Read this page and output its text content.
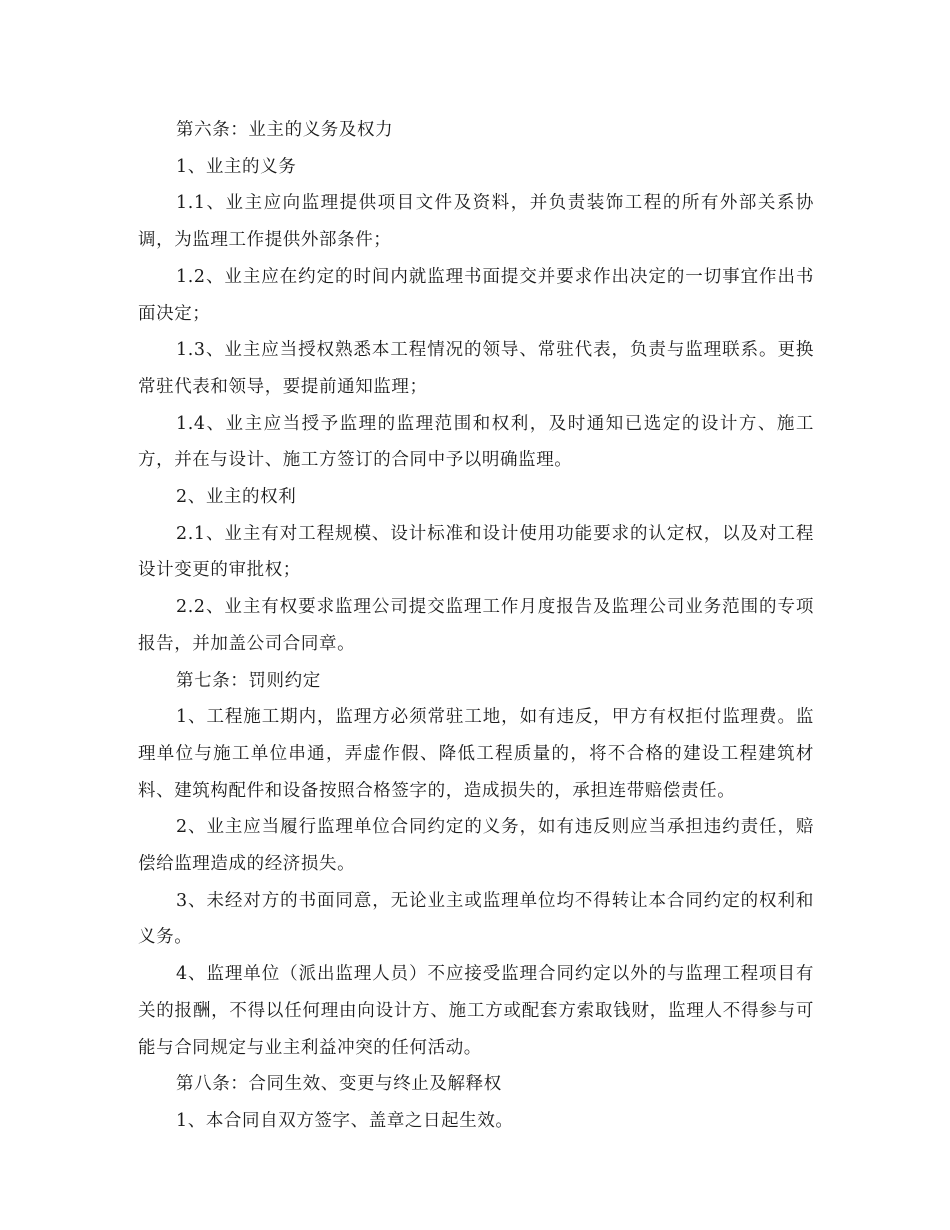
第六条：业主的义务及权力

1、业主的义务

1.1、业主应向监理提供项目文件及资料，并负责装饰工程的所有外部关系协调，为监理工作提供外部条件；

1.2、业主应在约定的时间内就监理书面提交并要求作出决定的一切事宜作出书面决定；

1.3、业主应当授权熟悉本工程情况的领导、常驻代表，负责与监理联系。更换常驻代表和领导，要提前通知监理；

1.4、业主应当授予监理的监理范围和权利，及时通知已选定的设计方、施工方，并在与设计、施工方签订的合同中予以明确监理。

2、业主的权利

2.1、业主有对工程规模、设计标准和设计使用功能要求的认定权，以及对工程设计变更的审批权；

2.2、业主有权要求监理公司提交监理工作月度报告及监理公司业务范围的专项报告，并加盖公司合同章。

第七条：罚则约定

1、工程施工期内，监理方必须常驻工地，如有违反，甲方有权拒付监理费。监理单位与施工单位串通，弄虚作假、降低工程质量的，将不合格的建设工程建筑材料、建筑构配件和设备按照合格签字的，造成损失的，承担连带赔偿责任。

2、业主应当履行监理单位合同约定的义务，如有违反则应当承担违约责任，赔偿给监理造成的经济损失。

3、未经对方的书面同意，无论业主或监理单位均不得转让本合同约定的权利和义务。

4、监理单位（派出监理人员）不应接受监理合同约定以外的与监理工程项目有关的报酬，不得以任何理由向设计方、施工方或配套方索取钱财，监理人不得参与可能与合同规定与业主利益冲突的任何活动。

第八条：合同生效、变更与终止及解释权

1、本合同自双方签字、盖章之日起生效。
